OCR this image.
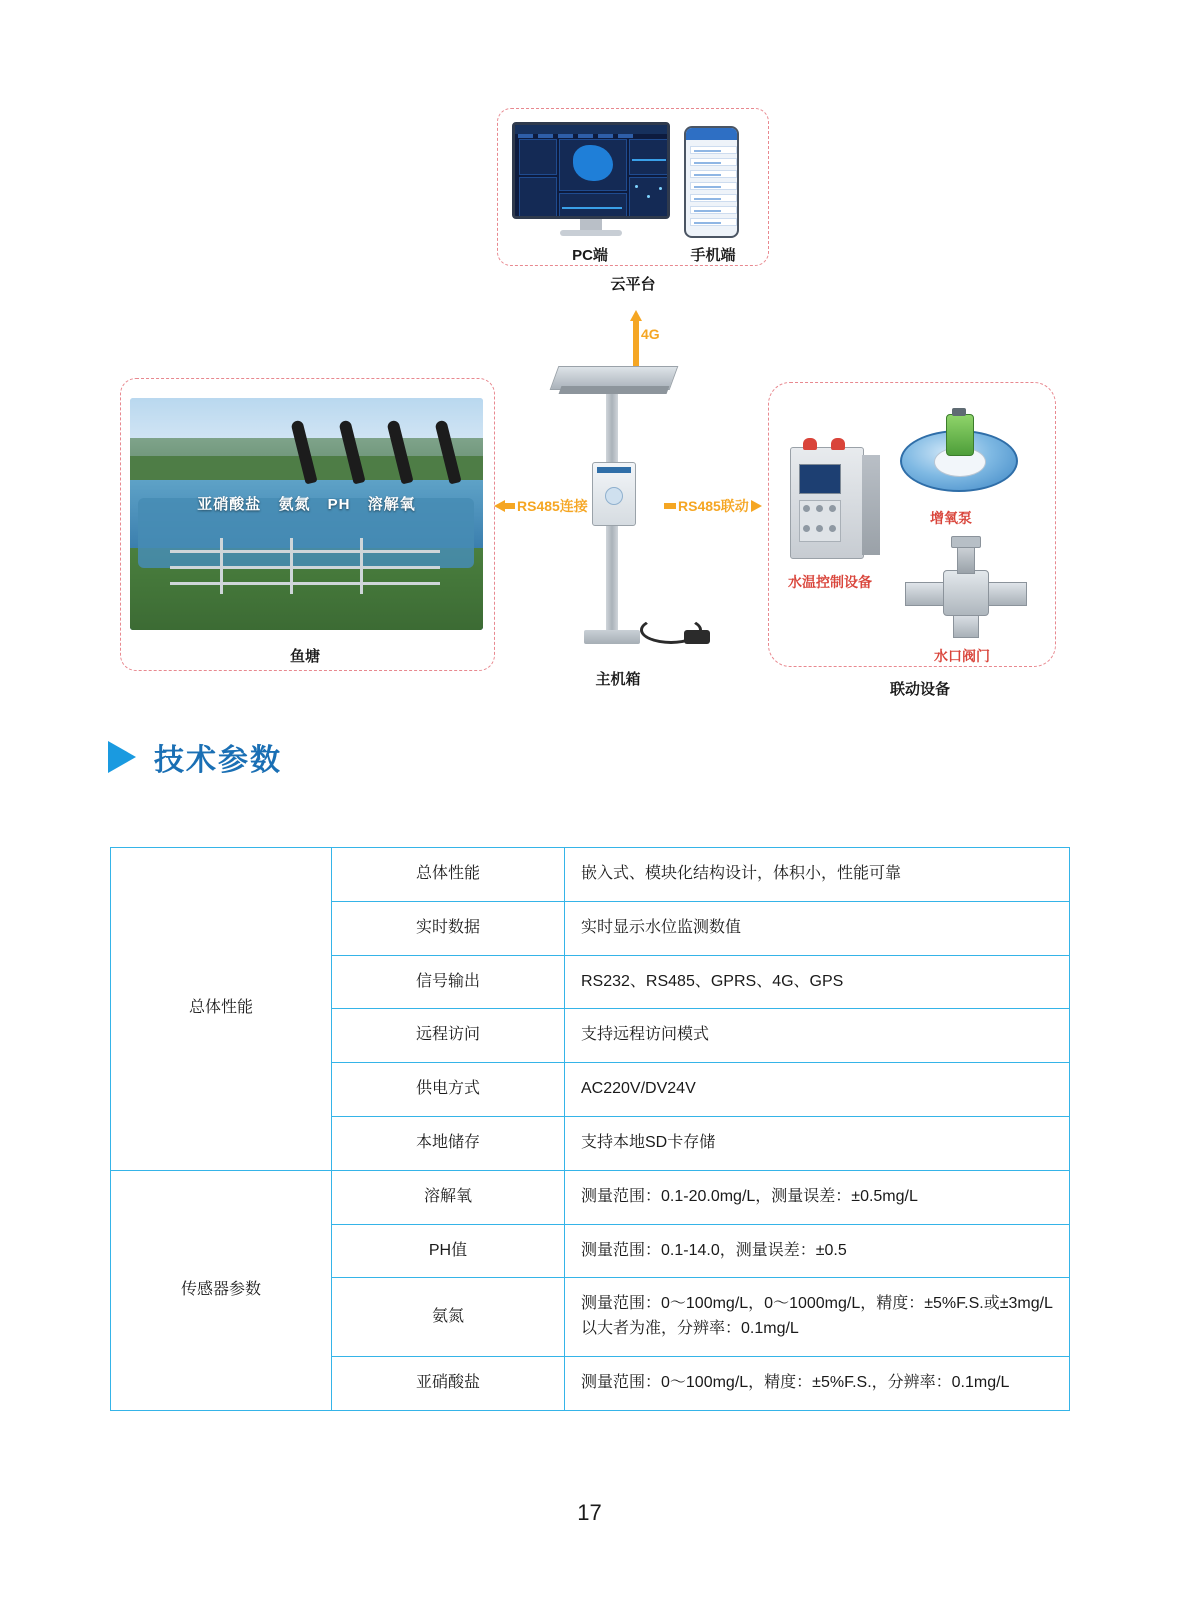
PC端	手机端
云平台
4G
亚硝酸盐 氨氮 PH 溶解氧
鱼塘
主机箱
RS485连接	RS485联动
水温控制设备
增氧泵
水口阀门
联动设备
技术参数
总体性能	总体性能	嵌入式、模块化结构设计，体积小，性能可靠
	实时数据	实时显示水位监测数值
	信号输出	RS232、RS485、GPRS、4G、GPS
	远程访问	支持远程访问模式
	供电方式	AC220V/DV24V
	本地储存	支持本地SD卡存储
传感器参数	溶解氧	测量范围：0.1-20.0mg/L，测量误差：±0.5mg/L
	PH值	测量范围：0.1-14.0，测量误差：±0.5
	氨氮	测量范围：0～100mg/L，0～1000mg/L，精度：±5%F.S.或±3mg/L以大者为准，分辨率：0.1mg/L
	亚硝酸盐	测量范围：0～100mg/L，精度：±5%F.S.，分辨率：0.1mg/L
17
